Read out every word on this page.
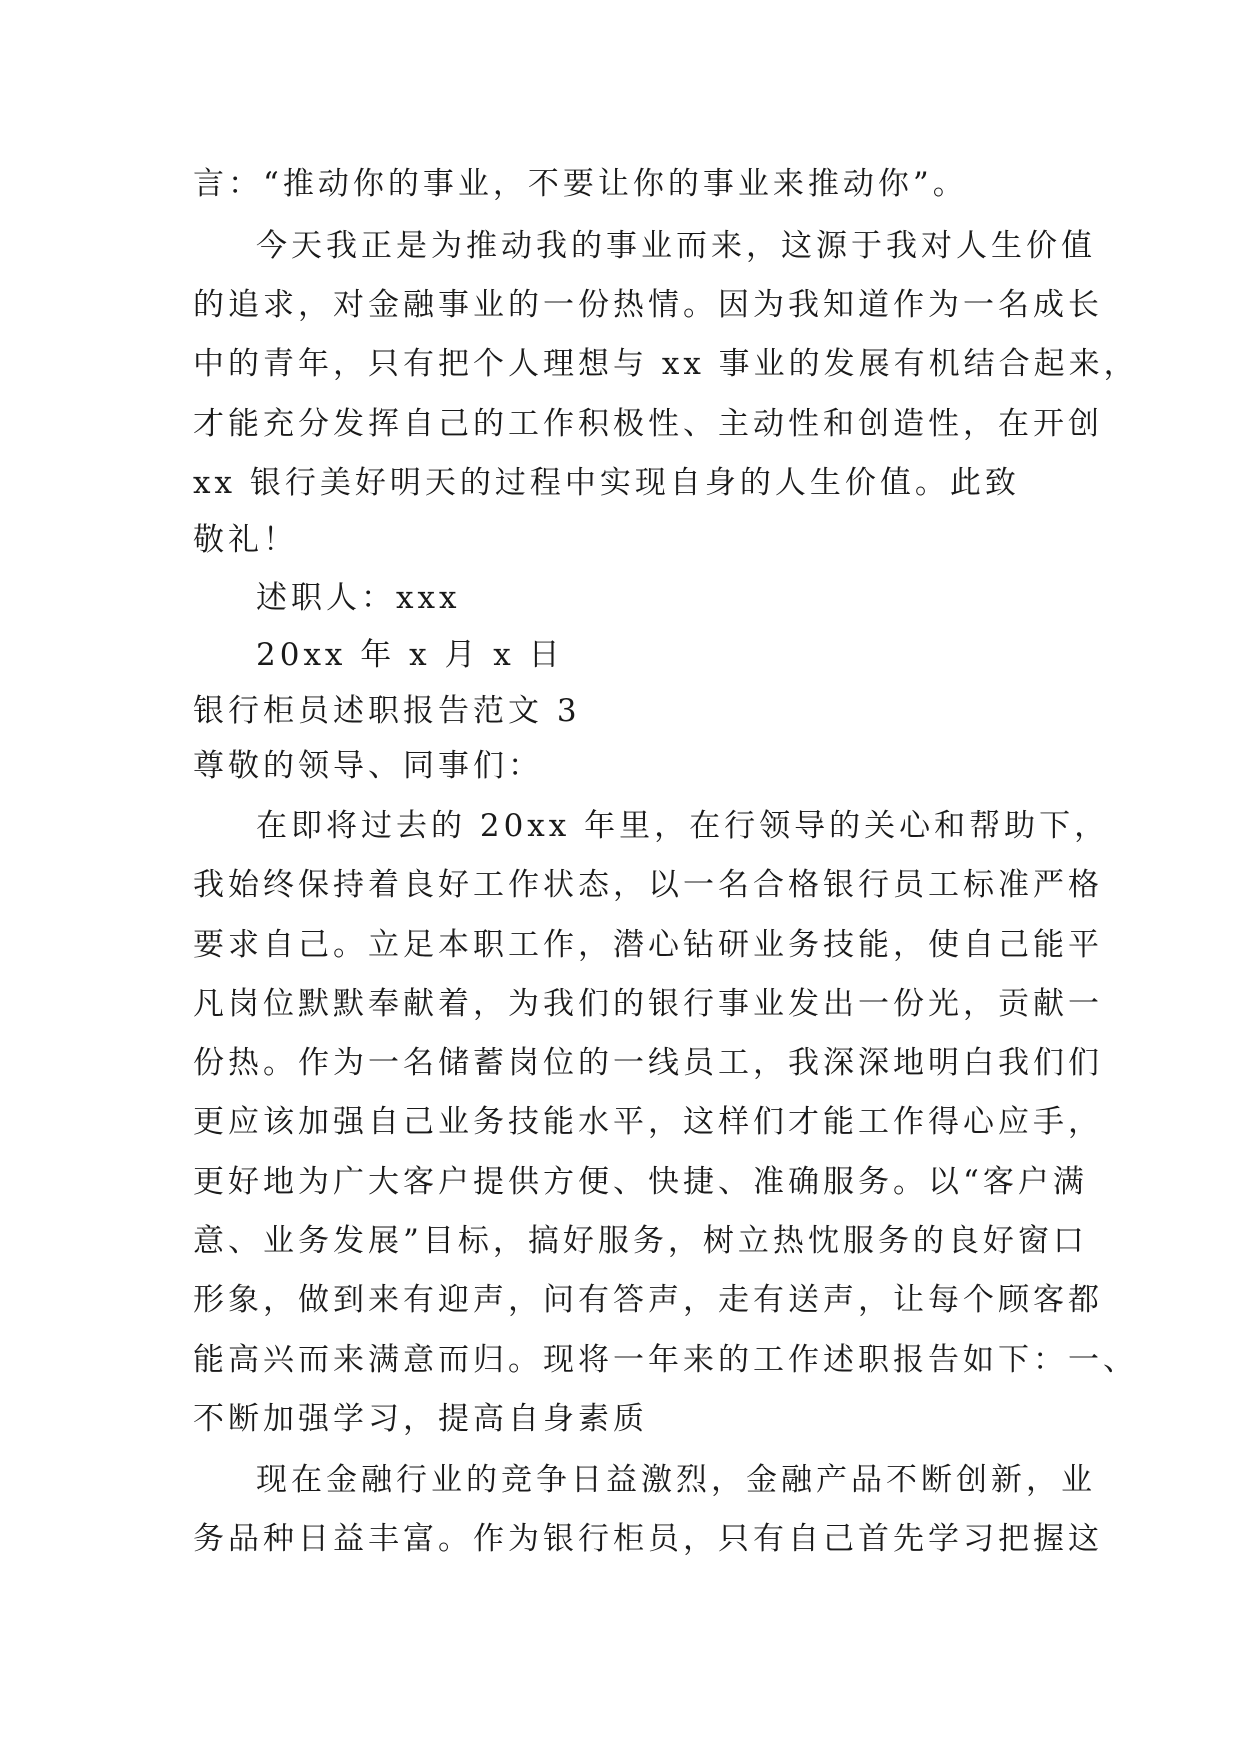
言：“推动你的事业，不要让你的事业来推动你”。
今天我正是为推动我的事业而来，这源于我对人生价值
的追求，对金融事业的一份热情。因为我知道作为一名成长
中的青年，只有把个人理想与 xx 事业的发展有机结合起来，
才能充分发挥自己的工作积极性、主动性和创造性，在开创
xx 银行美好明天的过程中实现自身的人生价值。此致
敬礼！
述职人：xxx
20xx 年 x 月 x 日
银行柜员述职报告范文 3
尊敬的领导、同事们：
在即将过去的 20xx 年里，在行领导的关心和帮助下，
我始终保持着良好工作状态，以一名合格银行员工标准严格
要求自己。立足本职工作，潜心钻研业务技能，使自己能平
凡岗位默默奉献着，为我们的银行事业发出一份光，贡献一
份热。作为一名储蓄岗位的一线员工，我深深地明白我们们
更应该加强自己业务技能水平，这样们才能工作得心应手，
更好地为广大客户提供方便、快捷、准确服务。以“客户满
意、业务发展”目标，搞好服务，树立热忱服务的良好窗口
形象，做到来有迎声，问有答声，走有送声，让每个顾客都
能高兴而来满意而归。现将一年来的工作述职报告如下：一、
不断加强学习，提高自身素质
现在金融行业的竞争日益激烈，金融产品不断创新，业
务品种日益丰富。作为银行柜员，只有自己首先学习把握这
